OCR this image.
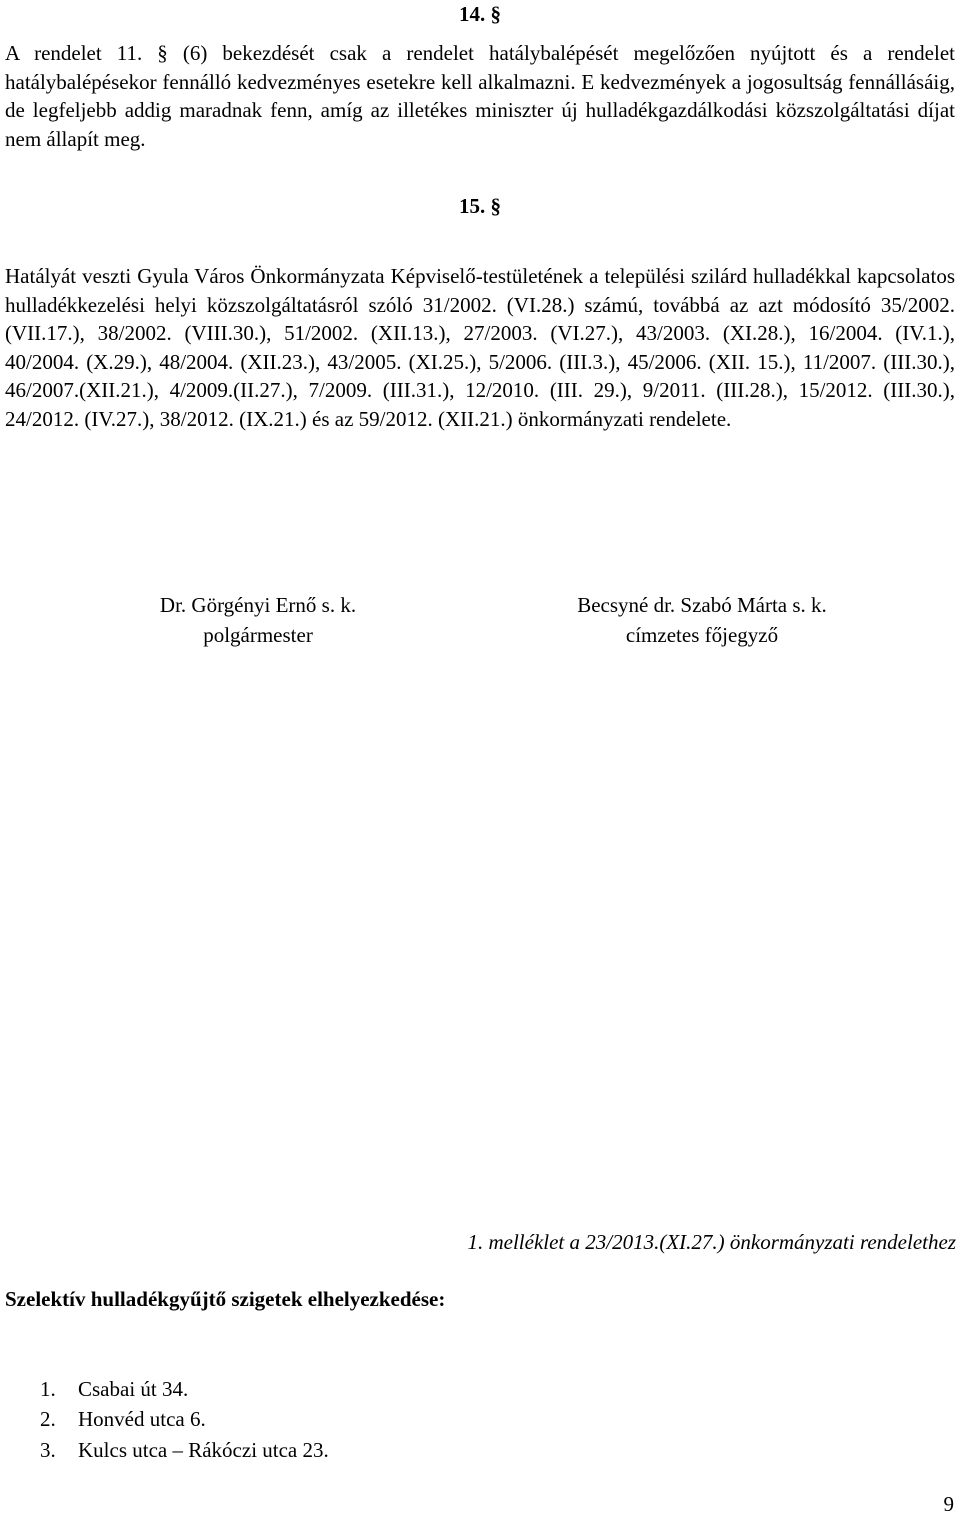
14. §
A rendelet 11. § (6) bekezdését csak a rendelet hatálybalépését megelőzően nyújtott és a rendelet hatálybalépésekor fennálló kedvezményes esetekre kell alkalmazni. E kedvezmények a jogosultság fennállásáig, de legfeljebb addig maradnak fenn, amíg az illetékes miniszter új hulladékgazdálkodási közszolgáltatási díjat nem állapít meg.
15. §
Hatályát veszti Gyula Város Önkormányzata Képviselő-testületének a települési szilárd hulladékkal kapcsolatos hulladékkezelési helyi közszolgáltatásról szóló 31/2002. (VI.28.) számú, továbbá az azt módosító 35/2002.(VII.17.), 38/2002. (VIII.30.), 51/2002. (XII.13.), 27/2003. (VI.27.), 43/2003. (XI.28.), 16/2004. (IV.1.), 40/2004. (X.29.), 48/2004. (XII.23.), 43/2005. (XI.25.), 5/2006. (III.3.), 45/2006. (XII. 15.), 11/2007. (III.30.), 46/2007.(XII.21.), 4/2009.(II.27.), 7/2009. (III.31.), 12/2010. (III. 29.), 9/2011. (III.28.), 15/2012. (III.30.), 24/2012. (IV.27.), 38/2012. (IX.21.) és az 59/2012. (XII.21.) önkormányzati rendelete.
Dr. Görgényi Ernő s. k.
polgármester
Becsyné dr. Szabó Márta s. k.
címzetes főjegyző
1. melléklet a 23/2013.(XI.27.) önkormányzati rendelethez
Szelektív hulladékgyűjtő szigetek elhelyezkedése:
1. Csabai út 34.
2. Honvéd utca 6.
3. Kulcs utca – Rákóczi utca 23.
9
